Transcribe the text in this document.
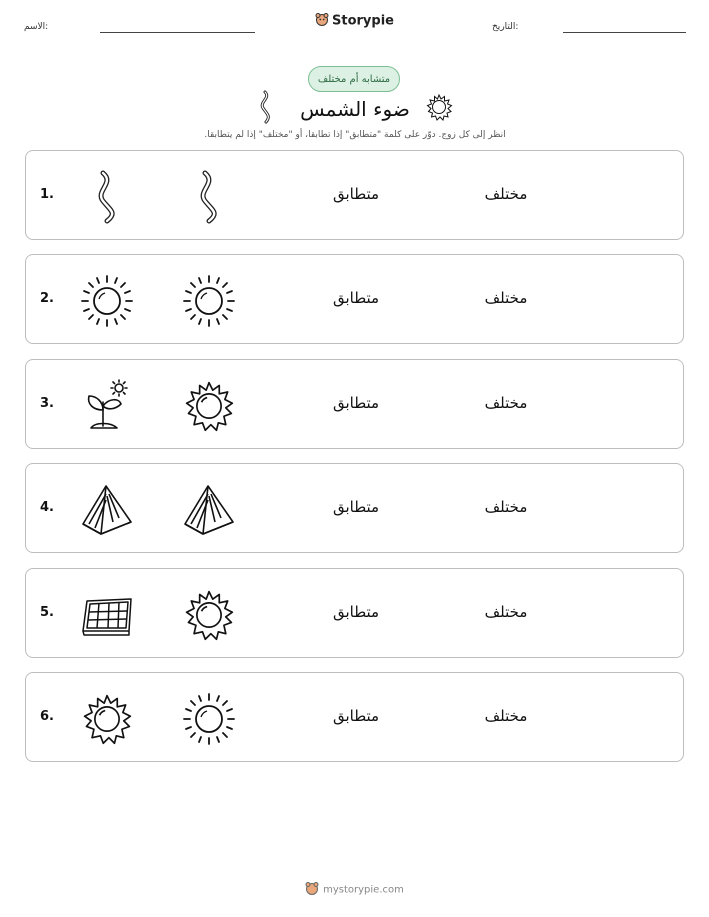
الاسم:	التاريخ:
Storypie
متشابه أم مختلف
ضوء الشمس
انظر إلى كل زوج. دوّر على كلمة "متطابق" إذا تطابقا، أو "مختلف" إذا لم يتطابقا.
1.	متطابق	مختلف
2.	متطابق	مختلف
3.	متطابق	مختلف
4.	متطابق	مختلف
5.	متطابق	مختلف
6.	متطابق	مختلف
mystorypie.com
